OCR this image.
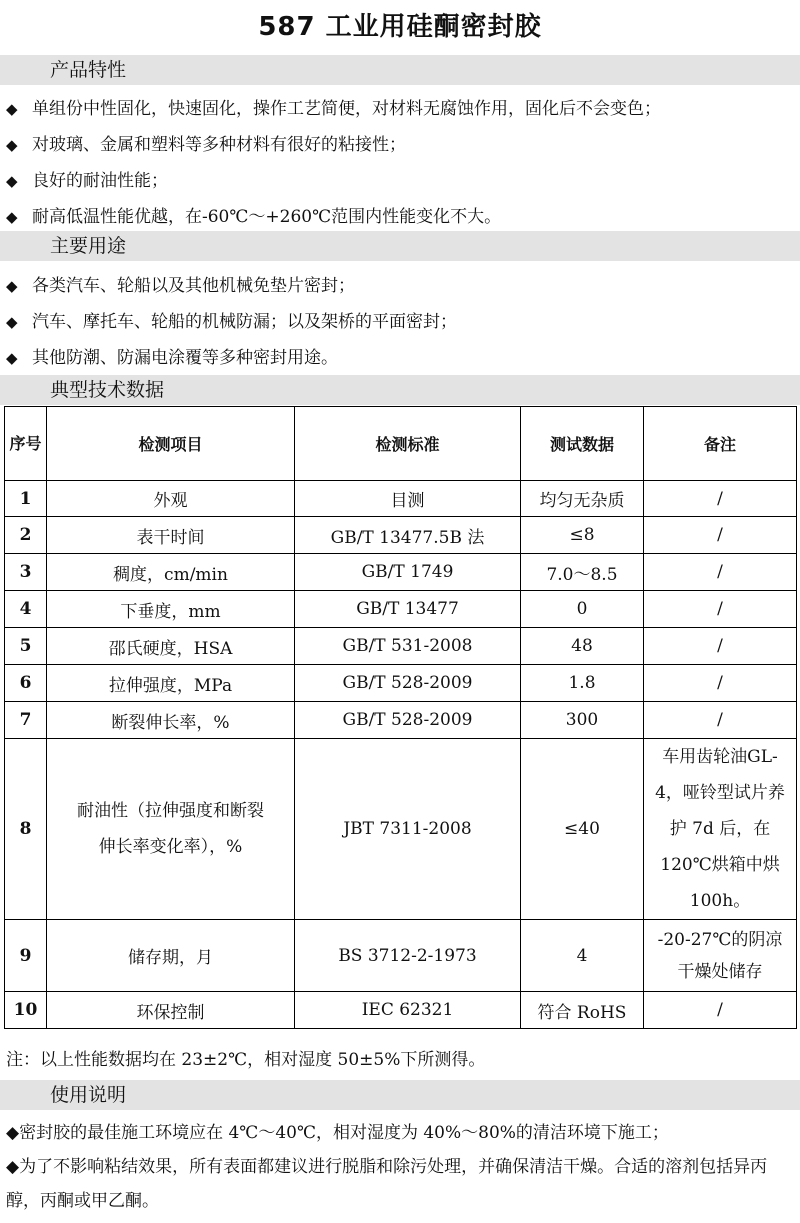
587 工业用硅酮密封胶
产品特性
◆ 单组份中性固化，快速固化，操作工艺简便，对材料无腐蚀作用，固化后不会变色；
◆ 对玻璃、金属和塑料等多种材料有很好的粘接性；
◆ 良好的耐油性能；
◆ 耐高低温性能优越，在-60℃～+260℃范围内性能变化不大。
主要用途
◆ 各类汽车、轮船以及其他机械免垫片密封；
◆ 汽车、摩托车、轮船的机械防漏；以及架桥的平面密封；
◆ 其他防潮、防漏电涂覆等多种密封用途。
典型技术数据
序号	检测项目	检测标准	测试数据	备注
1	外观	目测	均匀无杂质	/
2	表干时间	GB/T 13477.5B 法	≤8	/
3	稠度，cm/min	GB/T 1749	7.0～8.5	/
4	下垂度，mm	GB/T 13477	0	/
5	邵氏硬度，HSA	GB/T 531-2008	48	/
6	拉伸强度，MPa	GB/T 528-2009	1.8	/
7	断裂伸长率，%	GB/T 528-2009	300	/
8	耐油性（拉伸强度和断裂伸长率变化率），%	JBT 7311-2008	≤40	车用齿轮油GL-4，哑铃型试片养护 7d 后，在 120℃烘箱中烘 100h。
9	储存期，月	BS 3712-2-1973	4	-20-27℃的阴凉干燥处储存
10	环保控制	IEC 62321	符合 RoHS	/
注：以上性能数据均在 23±2℃，相对湿度 50±5%下所测得。
使用说明
◆密封胶的最佳施工环境应在 4℃～40℃，相对湿度为 40%～80%的清洁环境下施工；
◆为了不影响粘结效果，所有表面都建议进行脱脂和除污处理，并确保清洁干燥。合适的溶剂包括异丙醇，丙酮或甲乙酮。
